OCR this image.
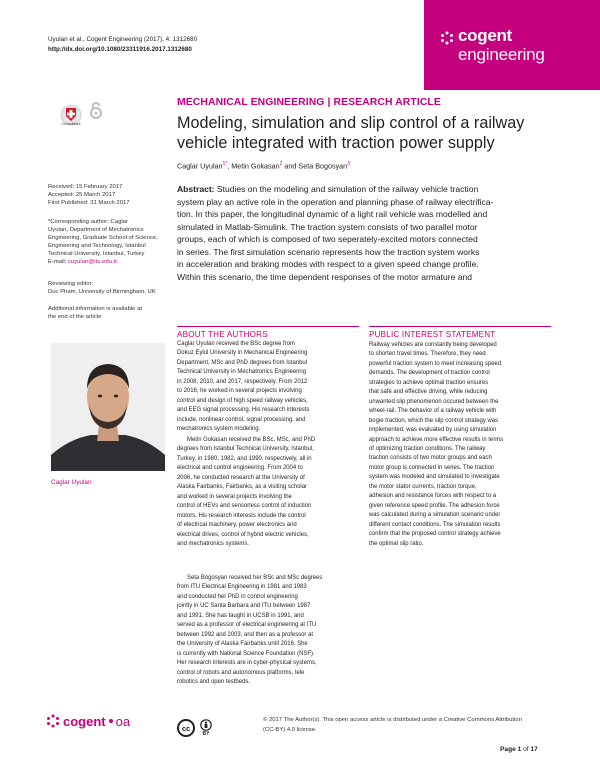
Uyulan et al., Cogent Engineering (2017), 4: 1312680
http://dx.doi.org/10.1080/23311916.2017.1312680
cogent
engineering
CrossMark
MECHANICAL ENGINEERING | RESEARCH ARTICLE
Modeling, simulation and slip control of a railway
vehicle integrated with traction power supply
Caglar Uyulan$^{1*}$, Metin Gokasan$^2$ and Seta Bogosyan$^3$
Received: 15 February 2017
Accepted: 25 March 2017
First Published: 31 March 2017
*Corresponding author: Caglar
Uyulan, Department of Mechatronics
Engineering, Graduate School of Science,
Engineering and Technology, Istanbul
Technical University, Istanbul, Turkey
E-mail: cuyulan@itu.edu.tr
Reviewing editor:
Duc Pham, University of Birmingham, UK
Additional information is available at
the end of the article
Abstract: Studies on the modeling and simulation of the railway vehicle traction
system play an active role in the operation and planning phase of railway electrifica-
tion. In this paper, the longitudinal dynamic of a light rail vehicle was modelled and
simulated in Matlab-Simulink. The traction system consists of two parallel motor
groups, each of which is composed of two seperately-excited motors connected
in series. The first simulation scenario represents how the traction system works
in acceleration and braking modes with respect to a given speed change profile.
Within this scenario, the time dependent responses of the motor armature and
ABOUT THE AUTHORS
Caglar Uyulan

Caglar Uyulan received the BSc degree from

Dokuz Eylul University in Mechanical Engineering

Department, MSc and PhD degrees from Istanbul

Technical University in Mechatronics Engineering

in 2008, 2010, and 2017, respectively. From 2012

to 2016, he worked in several projects involving

control and design of high speed railway vehicles,

and EEG signal processing. His research interests

include, nonlinear control, signal processing, and

mechatronics system modeling.

Metin Gokasan received the BSc, MSc, and PhD

degrees from Istanbul Technical University, Istanbul,

Turkey, in 1980, 1982, and 1990, respectively, all in

electrical and control engineering. From 2004 to

2006, he conducted research at the University of

Alaska Fairbanks, Fairbanks, as a visiting scholar

and worked in several projects involving the

control of HEVs and sensorless control of induction

motors. His research interests include the control

of electrical machinery, power electronics and

electrical drives, control of hybrid electric vehicles,

and mechatronics systems.

Seta Bogosyan received her BSc and MSc degrees

from ITU Electrical Engineering in 1981 and 1983

and conducted her PhD in control engineering

jointly in UC Santa Barbara and ITU between 1987

and 1991. She has taught in UCSB in 1991, and

served as a professor of electrical engineering at ITU

between 1992 and 2003, and then as a professor at

the University of Alaska Fairbanks until 2016. She

is currently with National Science Foundation (NSF).

Her research interests are in cyber-physical systems,

control of robots and autonomous platforms, tele

robotics and open testbeds.

PUBLIC INTEREST STATEMENT
Railway vehicles are constantly being developed
to shorten travel times. Therefore, they need
powerful traction system to meet increasing speed
demands. The development of traction control
strategies to achieve optimal traction ensures
that safe and effective driving, while reducing
unwanted slip phenomenon occured between the
wheel-rail. The behavior of a railway vehicle with
bogie traction, which the slip control strategy was
implemented, was evaluated by using simulation
approach to achieve more effective results in terms
of optimizing traction conditions. The railway
traction consists of two motor groups and each
motor group is connected in series. The traction
system was modeled and simulated to investigate
the motor stator currents, traction torque,
adhesion and resistance forces with respect to a
given reference speed profile. The adhesion force
was calculated during a simulation scenario under
different contact conditions. The simulation results
confirm that the proposed control strategy achieve
the optimal slip ratio.
cogent oa	cc
BY
© 2017 The Author(s). This open access article is distributed under a Creative Commons Attribution
(CC-BY) 4.0 license.
Page 1 of 17
